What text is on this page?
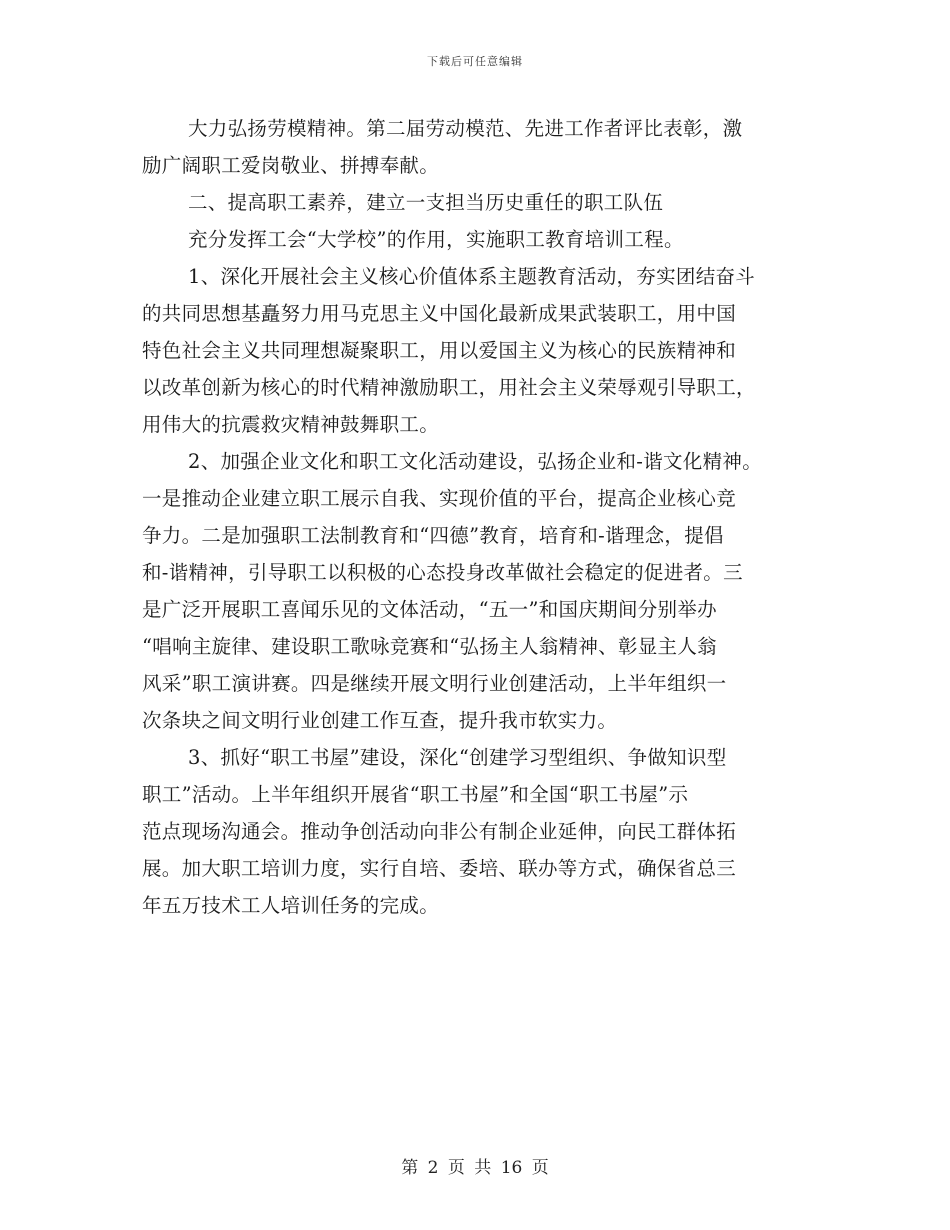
下载后可任意编辑
大力弘扬劳模精神。第二届劳动模范、先进工作者评比表彰，激
励广阔职工爱岗敬业、拼搏奉献。
二、提高职工素养，建立一支担当历史重任的职工队伍
充分发挥工会“大学校”的作用，实施职工教育培训工程。
1、深化开展社会主义核心价值体系主题教育活动，夯实团结奋斗
的共同思想基矗努力用马克思主义中国化最新成果武装职工，用中国
特色社会主义共同理想凝聚职工，用以爱国主义为核心的民族精神和
以改革创新为核心的时代精神激励职工，用社会主义荣辱观引导职工，
用伟大的抗震救灾精神鼓舞职工。
2、加强企业文化和职工文化活动建设，弘扬企业和-谐文化精神。
一是推动企业建立职工展示自我、实现价值的平台，提高企业核心竞
争力。二是加强职工法制教育和“四德”教育，培育和-谐理念，提倡
和-谐精神，引导职工以积极的心态投身改革做社会稳定的促进者。三
是广泛开展职工喜闻乐见的文体活动，“五一”和国庆期间分别举办
“唱响主旋律、建设职工歌咏竞赛和“弘扬主人翁精神、彰显主人翁
风采”职工演讲赛。四是继续开展文明行业创建活动，上半年组织一
次条块之间文明行业创建工作互查，提升我市软实力。
3、抓好“职工书屋”建设，深化“创建学习型组织、争做知识型
职工”活动。上半年组织开展省“职工书屋”和全国“职工书屋”示
范点现场沟通会。推动争创活动向非公有制企业延伸，向民工群体拓
展。加大职工培训力度，实行自培、委培、联办等方式，确保省总三
年五万技术工人培训任务的完成。
第 2 页 共 16 页
